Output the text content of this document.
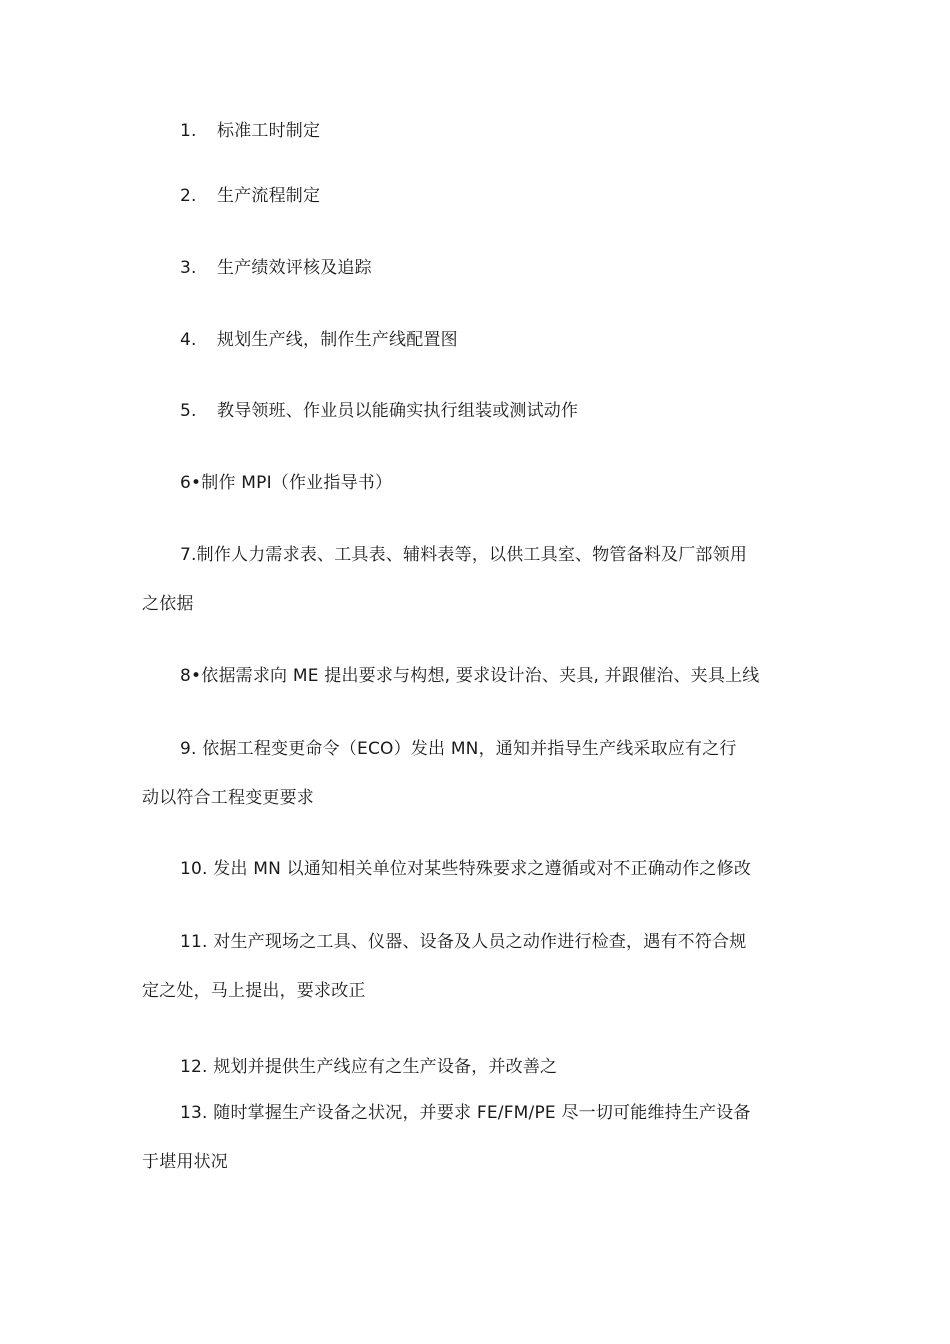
1. 标准工时制定

2. 生产流程制定

3. 生产绩效评核及追踪

4. 规划生产线，制作生产线配置图

5. 教导领班、作业员以能确实执行组装或测试动作

6•制作 MPI（作业指导书）

7.制作人力需求表、工具表、辅料表等，以供工具室、物管备料及厂部领用
之依据

8•依据需求向 ME 提出要求与构想, 要求设计治、夹具, 并跟催治、夹具上线

9. 依据工程变更命令（ECO）发出 MN，通知并指导生产线采取应有之行
动以符合工程变更要求

10. 发出 MN 以通知相关单位对某些特殊要求之遵循或对不正确动作之修改

11. 对生产现场之工具、仪器、设备及人员之动作进行检查，遇有不符合规
定之处，马上提出，要求改正

12. 规划并提供生产线应有之生产设备，并改善之

13. 随时掌握生产设备之状况，并要求 FE/FM/PE 尽一切可能维持生产设备
于堪用状况
